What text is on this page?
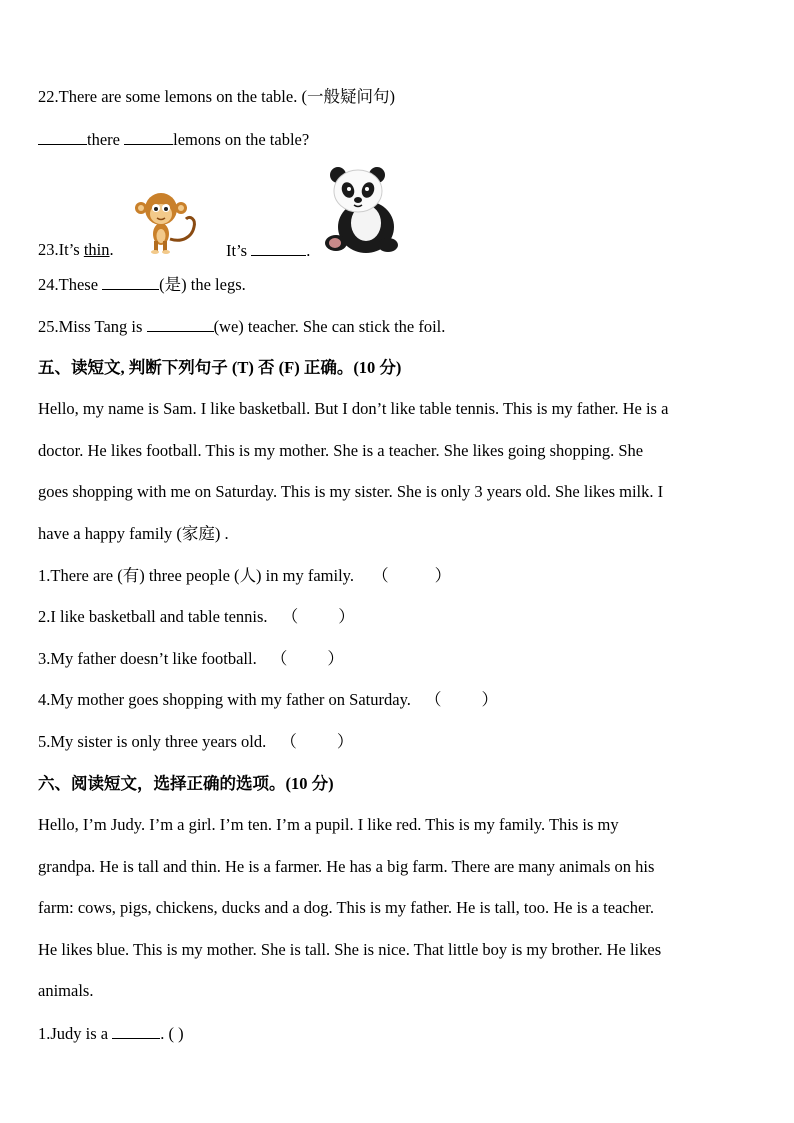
22.There are some lemons on the table. (一般疑问句)
there	lemons on the table?
23.It’s thin.	It’s	.
24.These	(是) the legs.
25.Miss Tang is	(we) teacher. She can stick the foil.
五、读短文, 判断下列句子 (T) 否 (F) 正确。(10 分)
Hello, my name is Sam. I like basketball. But I don’t like table tennis. This is my father. He is a
doctor. He likes football. This is my mother. She is a teacher. She likes going shopping. She
goes shopping with me on Saturday. This is my sister. She is only 3 years old. She likes milk. I
have a happy family (家庭) .
1.There are (有) three people (人) in my family. （	）
2.I like basketball and table tennis. （ ）
3.My father doesn’t like football. （ ）
4.My mother goes shopping with my father on Saturday. （ ）
5.My sister is only three years old. （ ）
六、阅读短文，选择正确的选项。(10 分)
Hello, I’m Judy. I’m a girl. I’m ten. I’m a pupil. I like red. This is my family. This is my
grandpa. He is tall and thin. He is a farmer. He has a big farm. There are many animals on his
farm: cows, pigs, chickens, ducks and a dog. This is my father. He is tall, too. He is a teacher.
He likes blue. This is my mother. She is tall. She is nice. That little boy is my brother. He likes
animals.
1.Judy is a	. ( )
